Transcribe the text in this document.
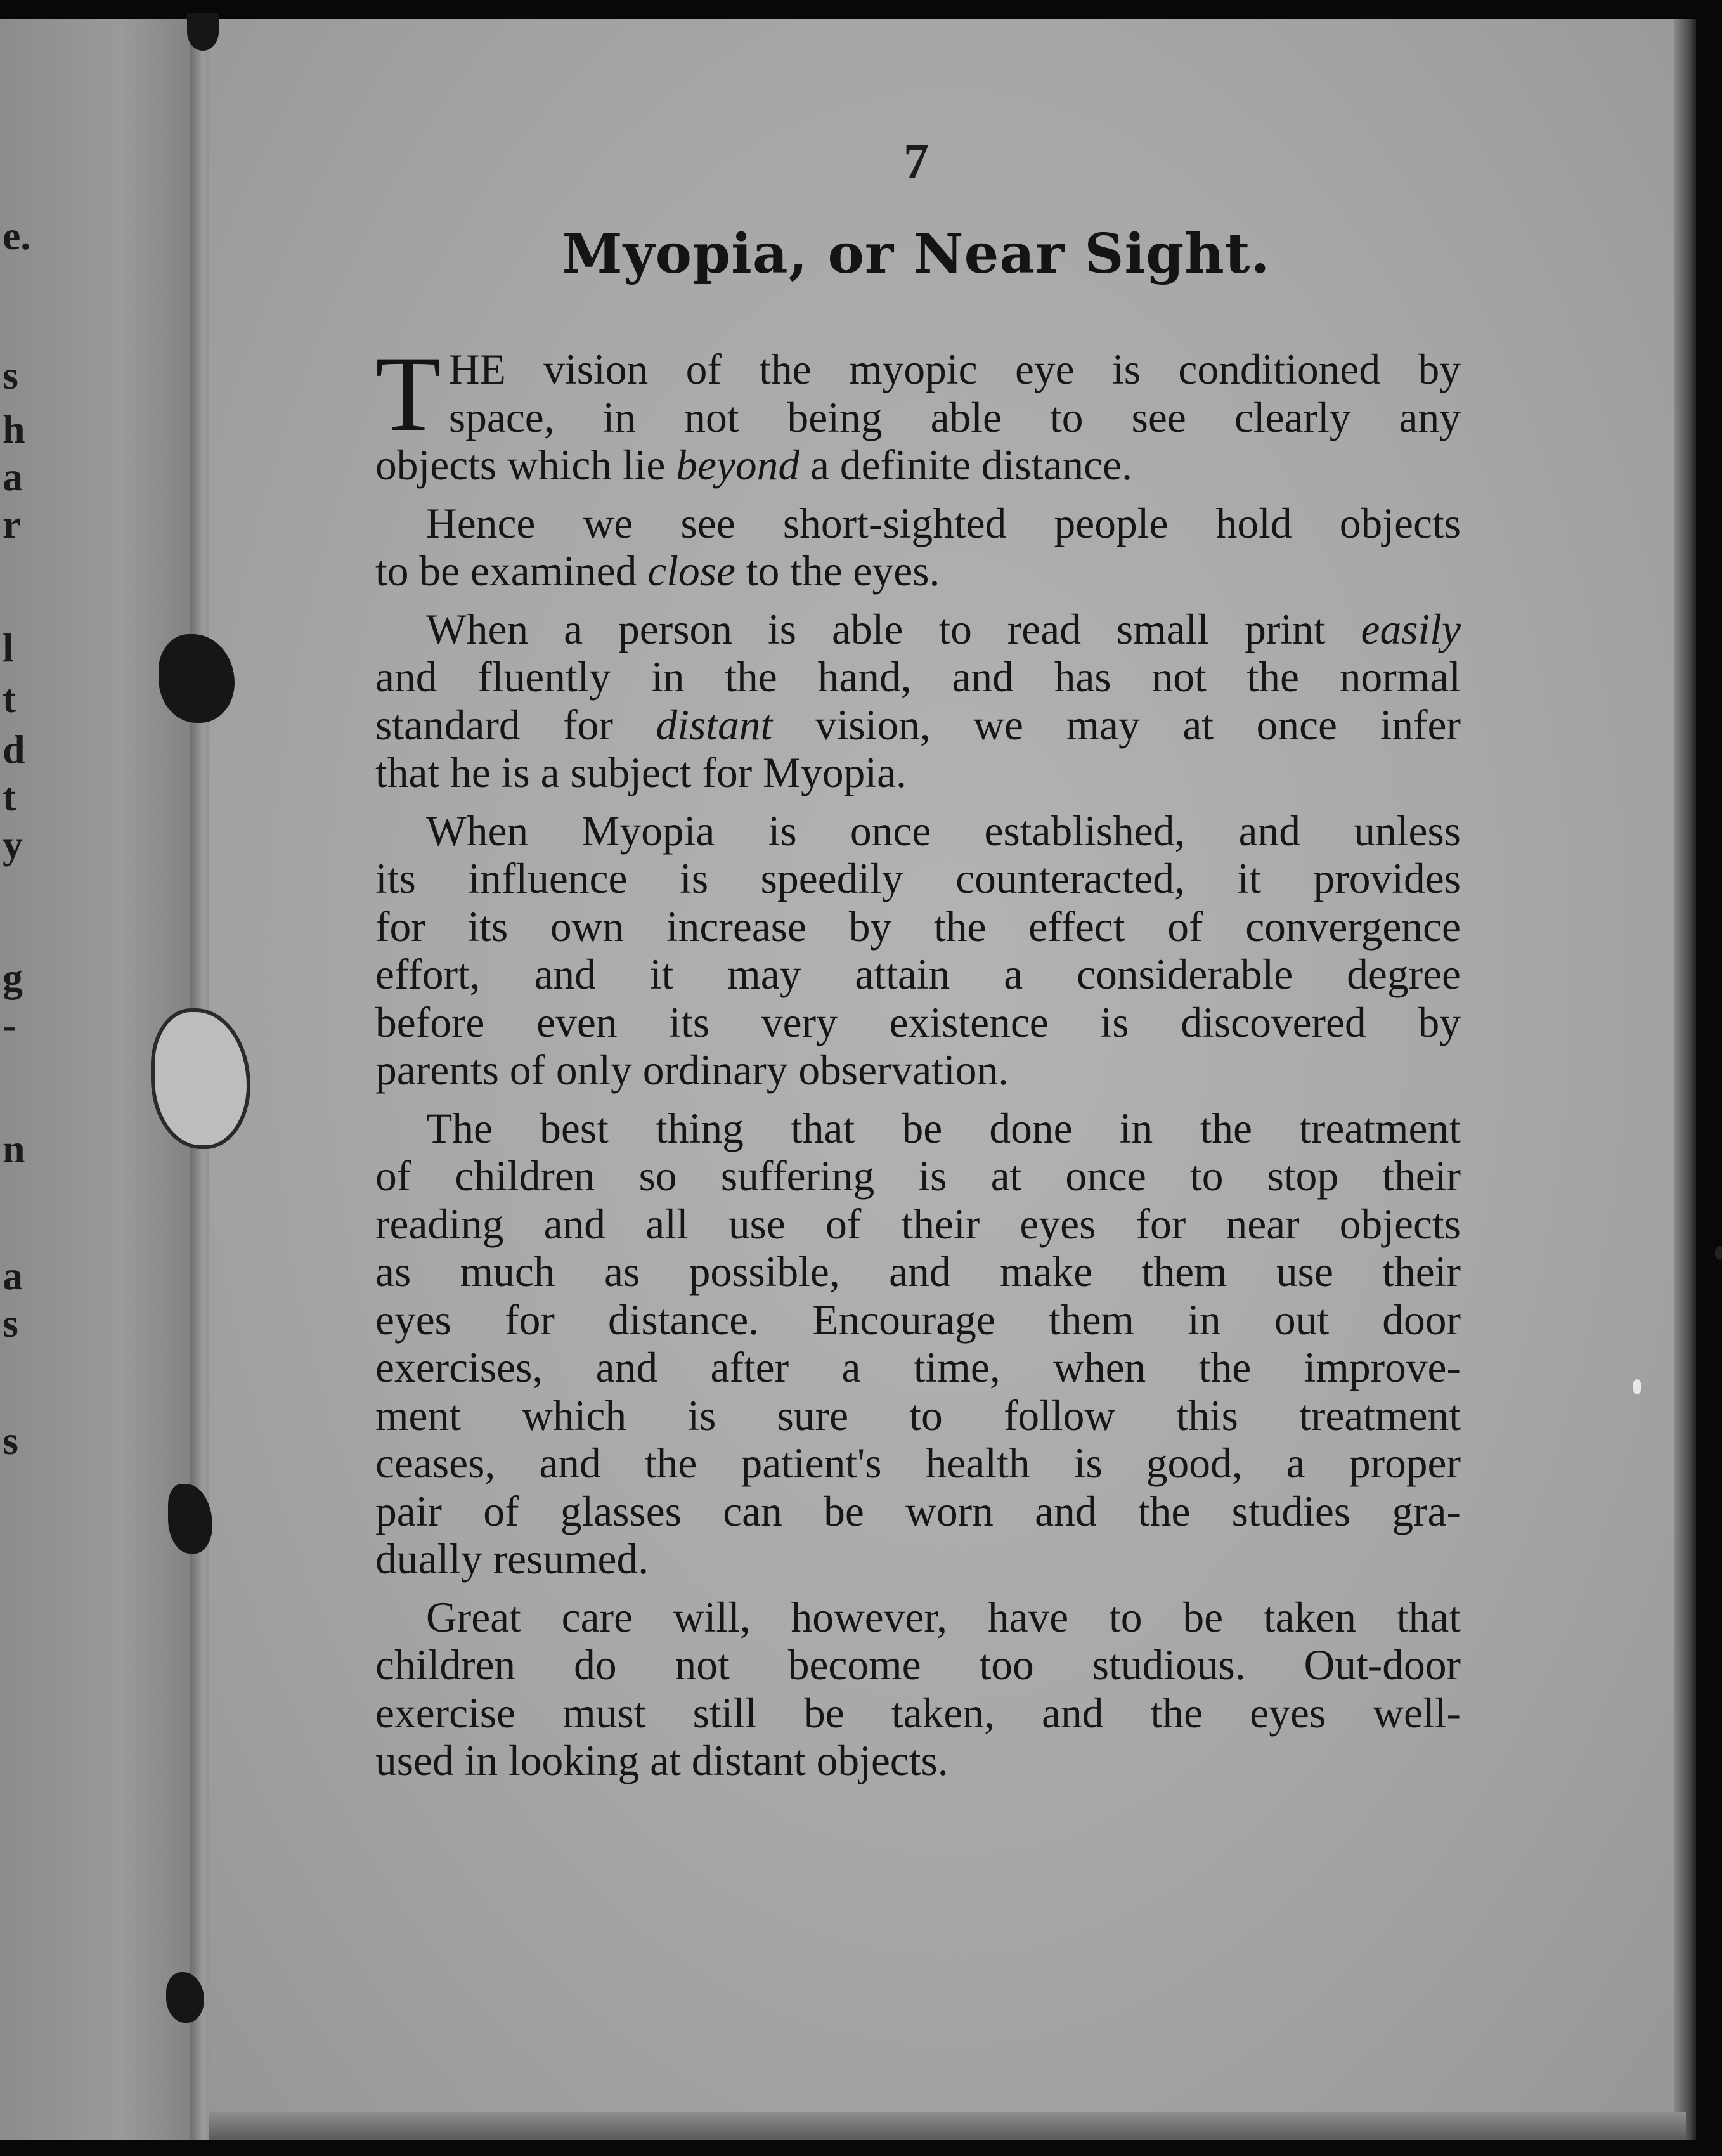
e.
s
h
a
r
l
t
d
t
y
g
-
n
a
s
s
7
Myopia, or Near Sight.
T HE vision of the myopic eye is conditioned by
space, in not being able to see clearly any
objects which lie beyond a definite distance.
Hence we see short-sighted people hold objects
to be examined close to the eyes.
When a person is able to read small print easily
and fluently in the hand, and has not the normal
standard for distant vision, we may at once infer
that he is a subject for Myopia.
When Myopia is once established, and unless
its influence is speedily counteracted, it provides
for its own increase by the effect of convergence
effort, and it may attain a considerable degree
before even its very existence is discovered by
parents of only ordinary observation.
The best thing that be done in the treatment
of children so suffering is at once to stop their
reading and all use of their eyes for near objects
as much as possible, and make them use their
eyes for distance. Encourage them in out door
exercises, and after a time, when the improve-
ment which is sure to follow this treatment
ceases, and the patient's health is good, a proper
pair of glasses can be worn and the studies gra-
dually resumed.
Great care will, however, have to be taken that
children do not become too studious. Out-door
exercise must still be taken, and the eyes well-
used in looking at distant objects.
